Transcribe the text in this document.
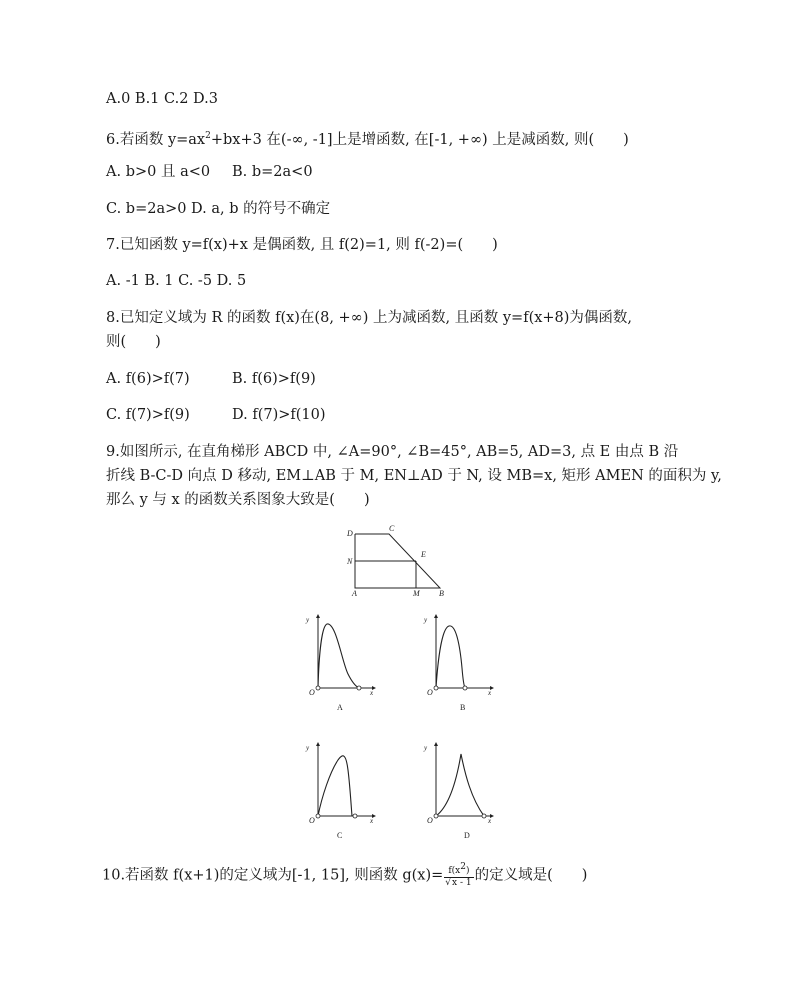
A.0 B.1 C.2 D.3
6.若函数 $y=ax^2+bx+3$ 在(-∞, -1]上是增函数, 在[-1, +∞) 上是减函数, 则(　　)
A. b>0 且 a<0 B. b=2a<0
C. b=2a>0 D. a, b 的符号不确定
7.已知函数 y=f(x)+x 是偶函数, 且 f(2)=1, 则 f(-2)=(　　)
A. -1 B. 1 C. -5 D. 5
8.已知定义域为 R 的函数 f(x)在(8, +∞) 上为减函数, 且函数 y=f(x+8)为偶函数,
则(　　)
A. f(6)>f(7)	B. f(6)>f(9)
C. f(7)>f(9)	D. f(7)>f(10)
9.如图所示, 在直角梯形 ABCD 中, ∠A=90°, ∠B=45°, AB=5, AD=3, 点 E 由点 B 沿
折线 B-C-D 向点 D 移动, EM⊥AB 于 M, EN⊥AD 于 N, 设 MB=x, 矩形 AMEN 的面积为 y,
那么 y 与 x 的函数关系图象大致是(　　)
D
C
N
E
A	M B
y
x
O
A
y
x
O
B
y
x
O
C
y
x
O
D
10.若函数 f(x+1)的定义域为[-1, 15], 则函数 $g(x)= \frac{f(x^2)}{√x - 1}$ 的定义域是(　　)
